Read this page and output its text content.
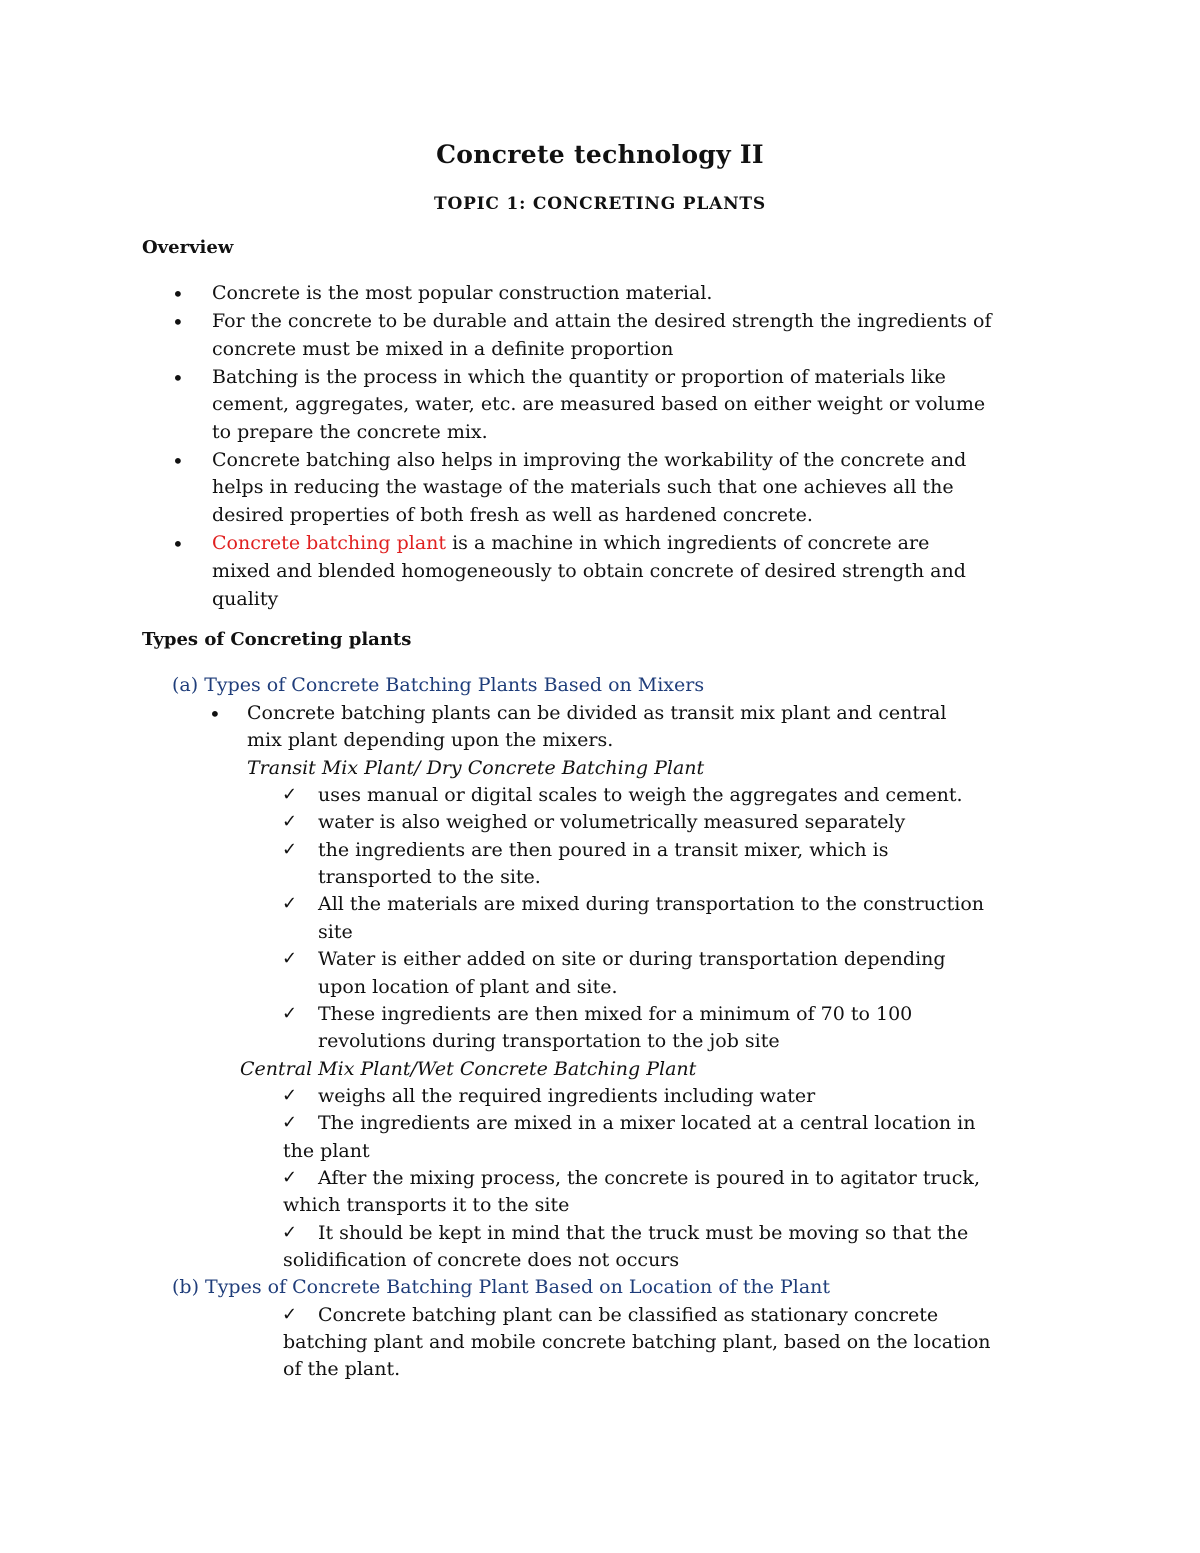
Concrete technology II
TOPIC 1: CONCRETING PLANTS
Overview
• Concrete is the most popular construction material.
• For the concrete to be durable and attain the desired strength the ingredients of
concrete must be mixed in a definite proportion
• Batching is the process in which the quantity or proportion of materials like
cement, aggregates, water, etc. are measured based on either weight or volume
to prepare the concrete mix.
• Concrete batching also helps in improving the workability of the concrete and
helps in reducing the wastage of the materials such that one achieves all the
desired properties of both fresh as well as hardened concrete.
• Concrete batching plant is a machine in which ingredients of concrete are
mixed and blended homogeneously to obtain concrete of desired strength and
quality
Types of Concreting plants
(a) Types of Concrete Batching Plants Based on Mixers
• Concrete batching plants can be divided as transit mix plant and central
mix plant depending upon the mixers.
Transit Mix Plant/ Dry Concrete Batching Plant
✓ uses manual or digital scales to weigh the aggregates and cement.
✓ water is also weighed or volumetrically measured separately
✓ the ingredients are then poured in a transit mixer, which is
transported to the site.
✓ All the materials are mixed during transportation to the construction
site
✓ Water is either added on site or during transportation depending
upon location of plant and site.
✓ These ingredients are then mixed for a minimum of 70 to 100
revolutions during transportation to the job site
Central Mix Plant/Wet Concrete Batching Plant
✓ weighs all the required ingredients including water
✓ The ingredients are mixed in a mixer located at a central location in
the plant
✓ After the mixing process, the concrete is poured in to agitator truck,
which transports it to the site
✓ It should be kept in mind that the truck must be moving so that the
solidification of concrete does not occurs
(b) Types of Concrete Batching Plant Based on Location of the Plant
✓ Concrete batching plant can be classified as stationary concrete
batching plant and mobile concrete batching plant, based on the location
of the plant.
